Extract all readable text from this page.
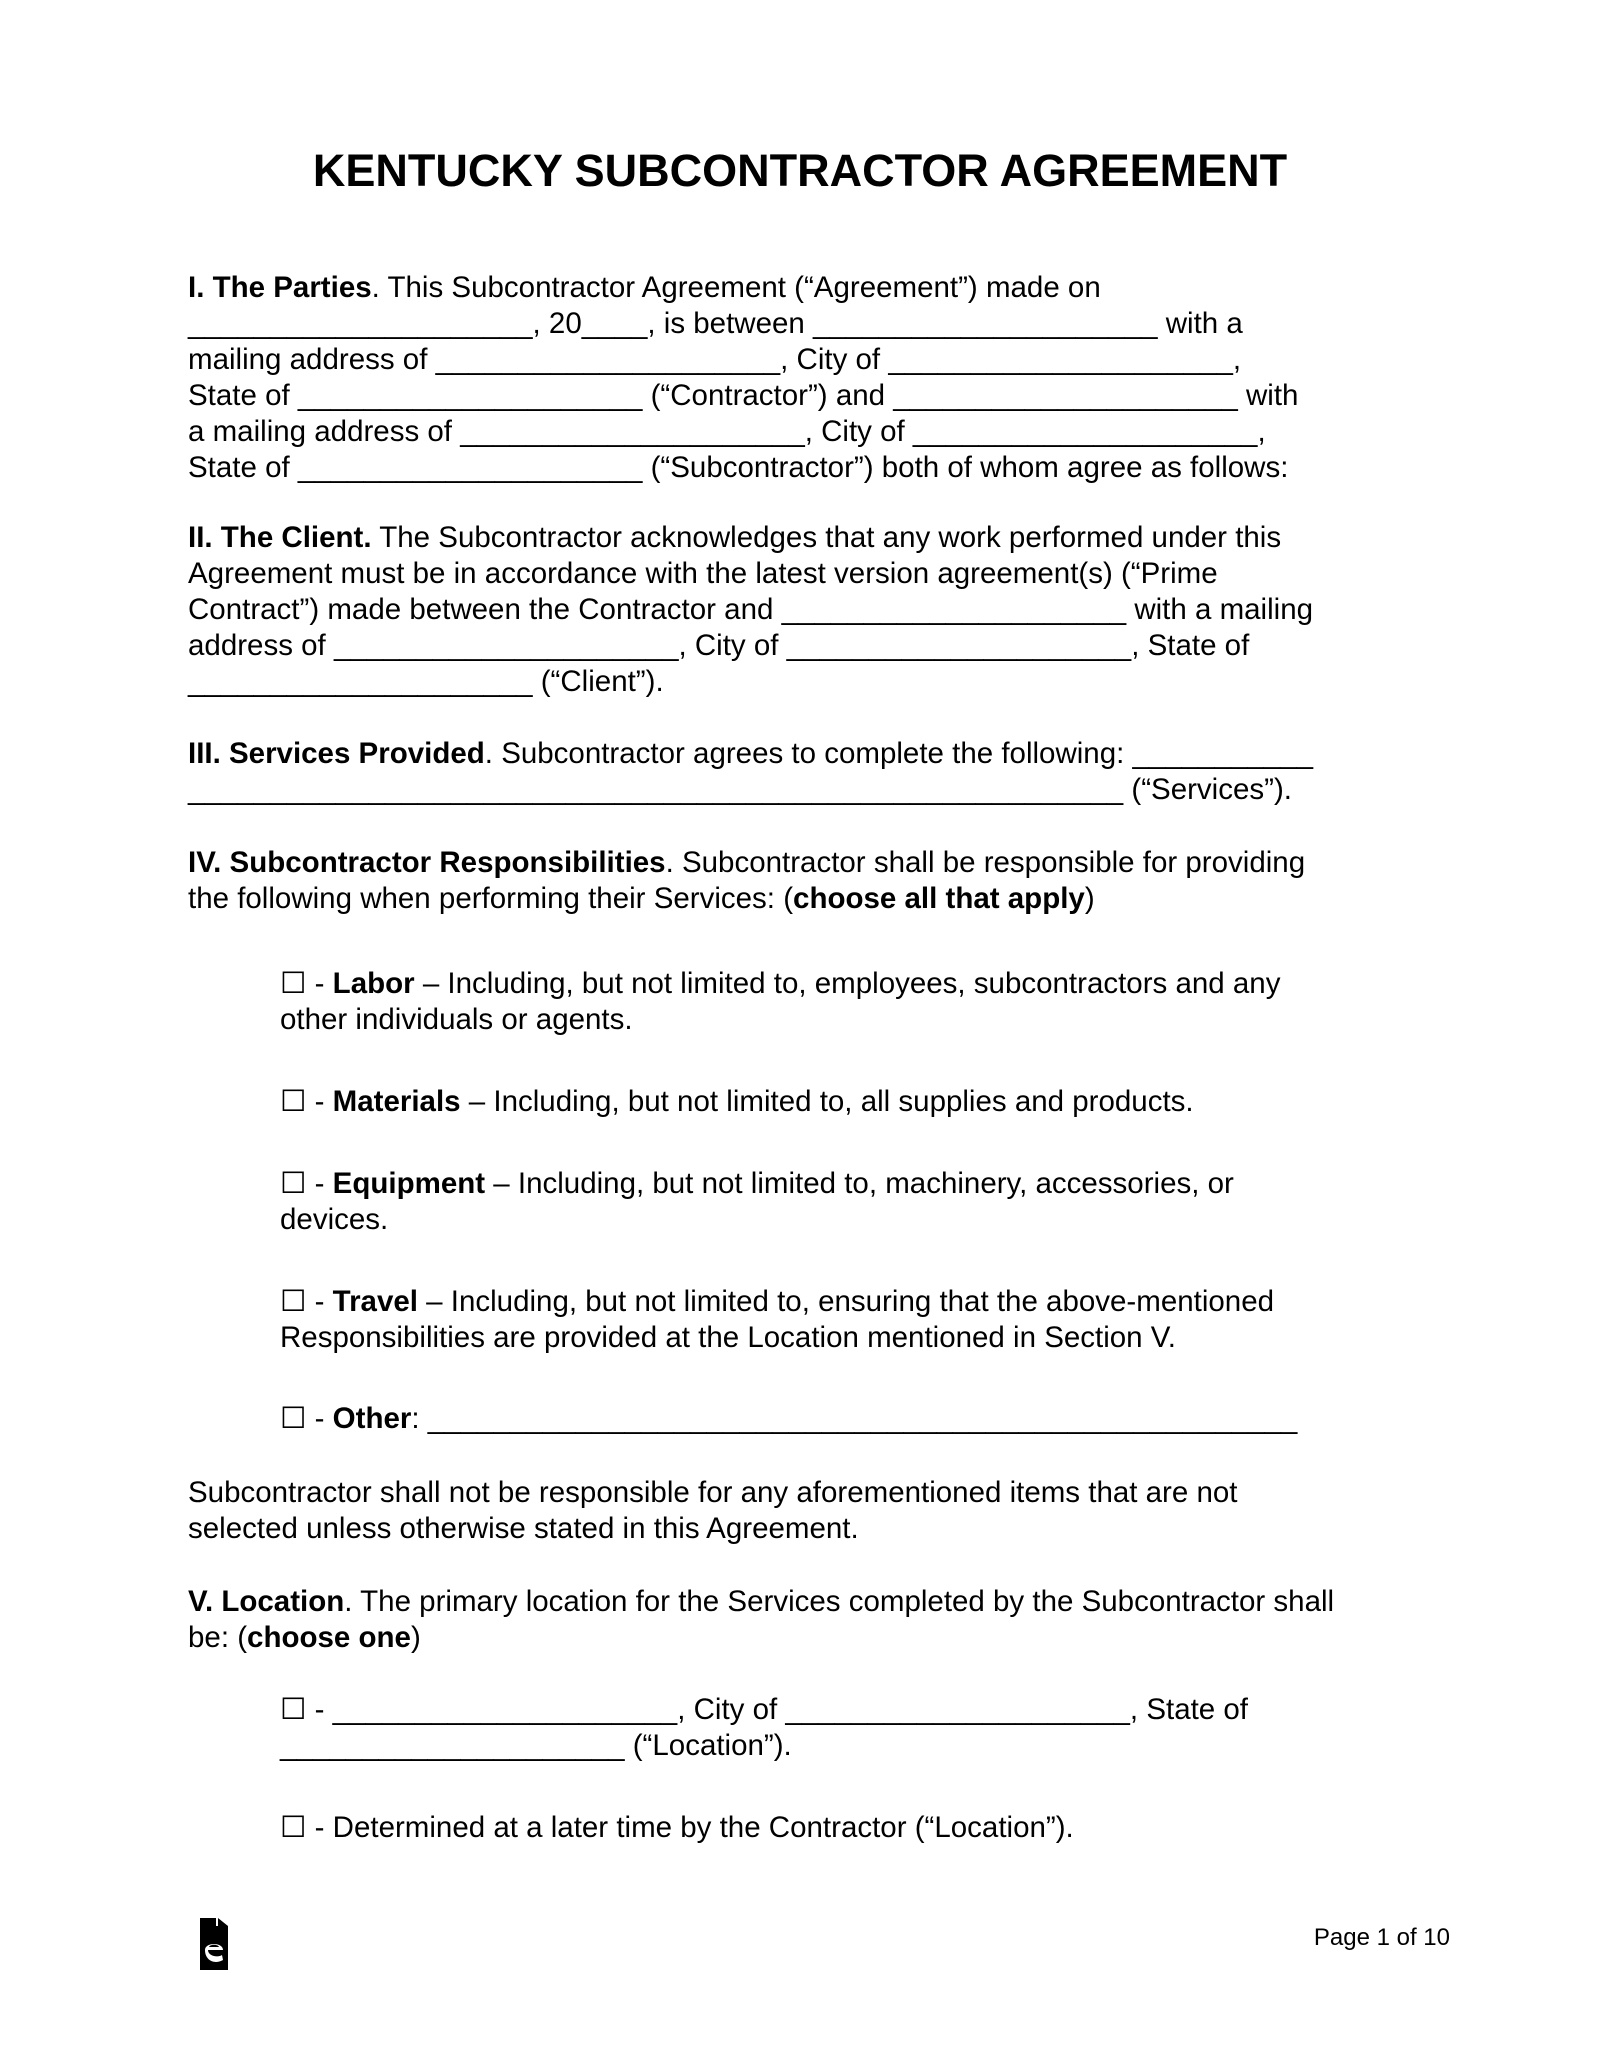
KENTUCKY SUBCONTRACTOR AGREEMENT
I. The Parties. This Subcontractor Agreement (“Agreement”) made on
_____________________, 20____, is between _____________________ with a
mailing address of _____________________, City of _____________________,
State of _____________________ (“Contractor”) and _____________________ with
a mailing address of _____________________, City of _____________________,
State of _____________________ (“Subcontractor”) both of whom agree as follows:
II. The Client. The Subcontractor acknowledges that any work performed under this
Agreement must be in accordance with the latest version agreement(s) (“Prime
Contract”) made between the Contractor and _____________________ with a mailing
address of _____________________, City of _____________________, State of
_____________________ (“Client”).
III. Services Provided. Subcontractor agrees to complete the following: ___________
_________________________________________________________ (“Services”).
IV. Subcontractor Responsibilities. Subcontractor shall be responsible for providing
the following when performing their Services: (choose all that apply)
☐ - Labor – Including, but not limited to, employees, subcontractors and any
other individuals or agents.
☐ - Materials – Including, but not limited to, all supplies and products.
☐ - Equipment – Including, but not limited to, machinery, accessories, or
devices.
☐ - Travel – Including, but not limited to, ensuring that the above-mentioned
Responsibilities are provided at the Location mentioned in Section V.
☐ - Other: _____________________________________________________
Subcontractor shall not be responsible for any aforementioned items that are not
selected unless otherwise stated in this Agreement.
V. Location. The primary location for the Services completed by the Subcontractor shall
be: (choose one)
☐ - _____________________, City of _____________________, State of
_____________________ (“Location”).
☐ - Determined at a later time by the Contractor (“Location”).
Page 1 of 10
